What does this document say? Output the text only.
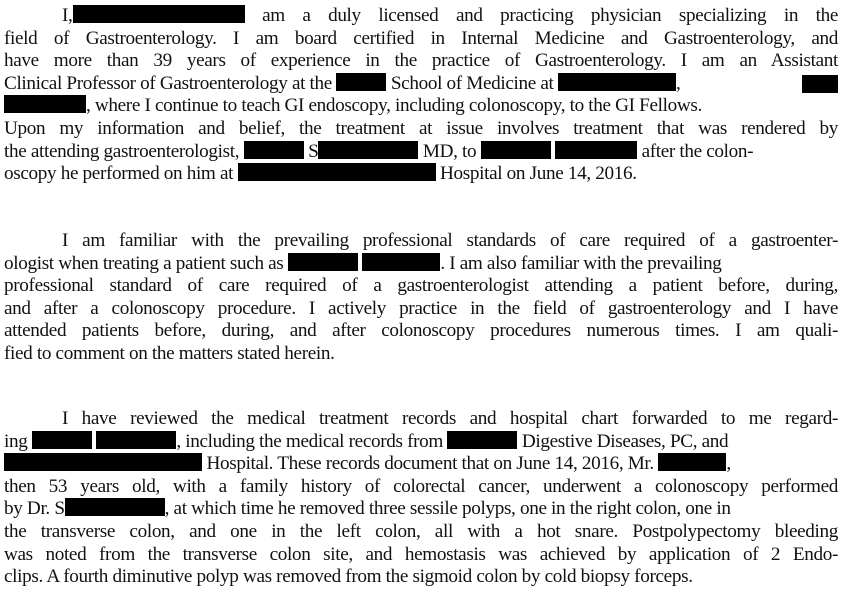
I,	am a duly licensed and practicing physician specializing in the
field of Gastroenterology. I am board certified in Internal Medicine and Gastroenterology, and
have more than 39 years of experience in the practice of Gastroenterology. I am an Assistant
Clinical Professor of Gastroenterology at the	School of Medicine at	,
, where I continue to teach GI endoscopy, including colonoscopy, to the GI Fellows.
Upon my information and belief, the treatment at issue involves treatment that was rendered by
the attending gastroenterologist,	S	MD, to	after the colon-
oscopy he performed on him at	Hospital on June 14, 2016.
I am familiar with the prevailing professional standards of care required of a gastroenter-
ologist when treating a patient such as	. I am also familiar with the prevailing
professional standard of care required of a gastroenterologist attending a patient before, during,
and after a colonoscopy procedure. I actively practice in the field of gastroenterology and I have
attended patients before, during, and after colonoscopy procedures numerous times. I am quali-
fied to comment on the matters stated herein.
I have reviewed the medical treatment records and hospital chart forwarded to me regard-
ing	, including the medical records from	Digestive Diseases, PC, and
Hospital. These records document that on June 14, 2016, Mr.	,
then 53 years old, with a family history of colorectal cancer, underwent a colonoscopy performed
by Dr. S	, at which time he removed three sessile polyps, one in the right colon, one in
the transverse colon, and one in the left colon, all with a hot snare. Postpolypectomy bleeding
was noted from the transverse colon site, and hemostasis was achieved by application of 2 Endo-
clips. A fourth diminutive polyp was removed from the sigmoid colon by cold biopsy forceps.
